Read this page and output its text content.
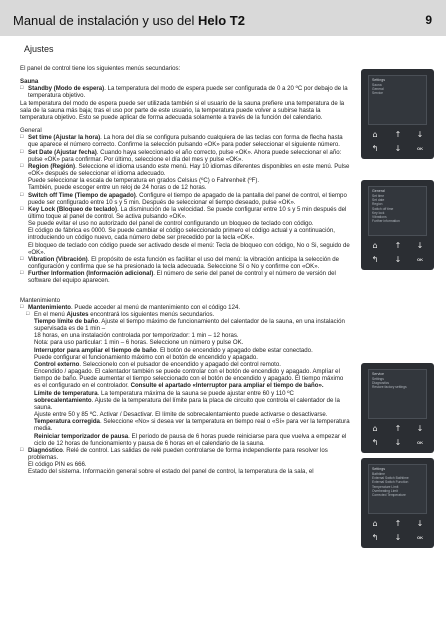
Manual de instalación y uso del Helo T2	9
Ajustes

El panel de control tiene los siguientes menús secundarios:

Sauna

□ Standby (Modo de espera). La temperatura del modo de espera puede ser configurada de 0 a 20 ºC por debajo de la temperatura objetivo.

La temperatura del modo de espera puede ser utilizada también si el usuario de la sauna prefiere una temperatura de la sala de la sauna más baja; tras el uso por parte de este usuario, la temperatura puede volver a subirse hasta la temperatura objetivo. Esto se puede aplicar de forma adecuada solamente a través de la función del calendario.

General

□ Set time (Ajustar la hora). La hora del día se configura pulsando cualquiera de las teclas con forma de flecha hasta que aparece el número correcto. Confirme la selección pulsando «OK» para poder seleccionar el siguiente número.

□ Set Date (Ajustar fecha). Cuando haya seleccionado el año correcto, pulse «OK». Ahora puede seleccionar el año: pulse «OK» para confirmar. Por último, seleccione el día del mes y pulse «OK».

□ Region (Región). Seleccione el idioma usando este menú. Hay 10 idiomas diferentes disponibles en este menú. Pulse «OK» después de seleccionar el idioma adecuado.

Puede seleccionar la escala de temperatura en grados Celsius (ºC) o Fahrenheit (ºF).

También, puede escoger entre un reloj de 24 horas o de 12 horas.

□ Switch off Time (Tiempo de apagado). Configure el tiempo de apagado de la pantalla del panel de control, el tiempo puede ser configurado entre 10 s y 5 min. Después de seleccionar el tiempo deseado, pulse «OK».

□ Key Lock (Bloqueo de teclado). La disminución de la velocidad. Se puede configurar entre 10 s y 5 min después del último toque al panel de control. Se activa pulsando «OK».

Se puede evitar el uso no autorizado del panel de control configurando un bloqueo de teclado con código.

El código de fábrica es 0000. Se puede cambiar el código seleccionado primero el código actual y a continuación, introduciendo un código nuevo, cada número debe ser precedido por la tecla «OK».

El bloqueo de teclado con código puede ser activado desde el menú: Tecla de bloqueo con código, No o Si, seguido de «OK».

□ Vibration (Vibración). El propósito de esta función es facilitar el uso del menú: la vibración anticipa la selección de configuración y confirma que se ha presionado la tecla adecuada. Seleccione Sí o No y confirme con «OK».

□ Further Information (Información adicional). El número de serie del panel de control y el número de versión del software del equipo aparecen.

Mantenimiento

□ Mantenimiento. Puede acceder al menú de mantenimiento con el código 124.

□ En el menú Ajustes encontrará los siguientes menús secundarios.

Tiempo límite de baño. Ajuste el tiempo máximo de funcionamiento del calentador de la sauna, en una instalación supervisada es de 1 min –

18 horas, en una instalación controlada por temporizador: 1 min – 12 horas.

Nota: para uso particular: 1 min – 6 horas. Seleccione un número y pulse OK.

Interruptor para ampliar el tiempo de baño. El botón de encendido y apagado debe estar conectado.

Puede configurar el funcionamiento máximo con el botón de encendido y apagado.

Control externo. Seleccionelo con el pulsador de encendido y apagado del control remoto.

Encendido / apagado. El calentador también se puede controlar con el botón de encendido y apagado. Amplíar el tiempo de baño. Puede aumentar el tiempo seleccionado con el botón de encendido y apagado. El tiempo máximo es el configurado en el controlador. Consulte el apartado «Interruptor para ampliar el tiempo de baño».

Límite de temperatura. La temperatura máxima de la sauna se puede ajustar entre 60 y 110 ºC

sobrecalentamiento. Ajuste de la temperatura del límite para la placa de circuito que controla el calentador de la sauna.

Ajuste entre 50 y 85 ºC. Activar / Desactivar. El límite de sobrecalentamiento puede activarse o desactivarse.

Temperatura corregida. Seleccione «No» si desea ver la temperatura en tiempo real o «Sí» para ver la temperatura media.

Reiniciar temporizador de pausa. El periodo de pausa de 6 horas puede reiniciarse para que vuelva a empezar el ciclo de 12 horas de funcionamiento y pausa de 6 horas en el calendario de la sauna.

□ Diagnóstico. Relé de control. Las salidas de relé pueden controlarse de forma independiente para resolver los problemas.

El código PIN es 666.

Estado del sistema. Información general sobre el estado del panel de control, la temperatura de la sala, el

Settings
Sauna
General
Service
⌂	↑	↓
↰	↓	OK
General
Set time
Set date
Region
Switch off time
Key lock
Vibrations
Further information
⌂	↑	↓
↰	↓	OK
Service
Settings
Diagnostics
Restore factory settings
⌂	↑	↓
↰	↓	OK
Settings
Bathtime
External Switch Bathtime
External Switch Function
Temperature Limit
Overheating Limit
Corrected Temperature
⌂	↑	↓
↰	↓	OK
